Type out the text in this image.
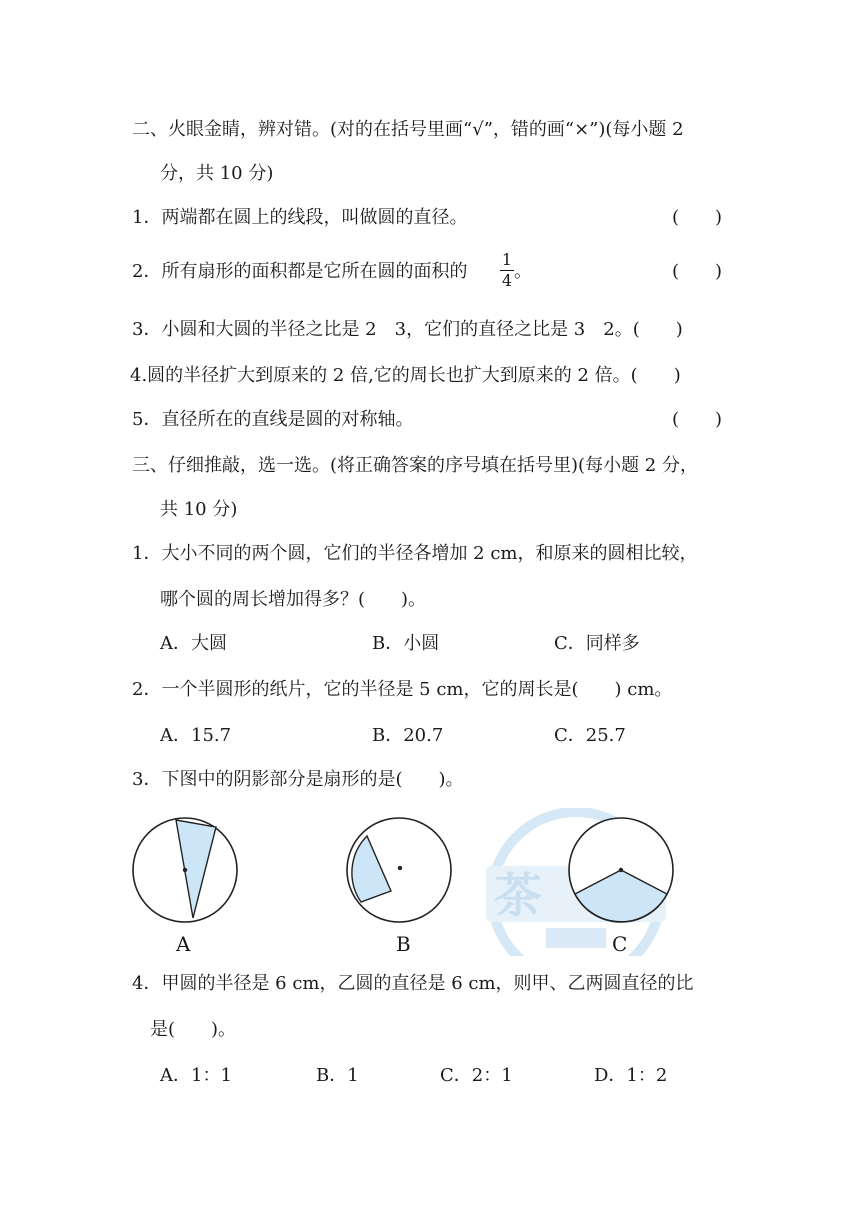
二、火眼金睛，辨对错。(对的在括号里画“√”，错的画“×”)(每小题 2
分，共 10 分)
1．两端都在圆上的线段，叫做圆的直径。	(　　)
2．所有扇形的面积都是它所在圆的面积的
1
4 。	(　　)
3．小圆和大圆的半径之比是 2　3，它们的直径之比是 3　2。(　　)
4.圆的半径扩大到原来的 2 倍,它的周长也扩大到原来的 2 倍。(　　)
5．直径所在的直线是圆的对称轴。	(　　)
三、仔细推敲，选一选。(将正确答案的序号填在括号里)(每小题 2 分，
共 10 分)
1．大小不同的两个圆，它们的半径各增加 2 cm，和原来的圆相比较，
哪个圆的周长增加得多？(　　)。
A．大圆	B．小圆	C．同样多
2．一个半圆形的纸片，它的半径是 5 cm，它的周长是(　　) cm。
A．15.7	B．20.7	C．25.7
3．下图中的阴影部分是扇形的是(　　)。
茶
A	B	C
4．甲圆的半径是 6 cm，乙圆的直径是 6 cm，则甲、乙两圆直径的比
是(　　)。
A．1：1	B．1	C．2：1	D．1：2
